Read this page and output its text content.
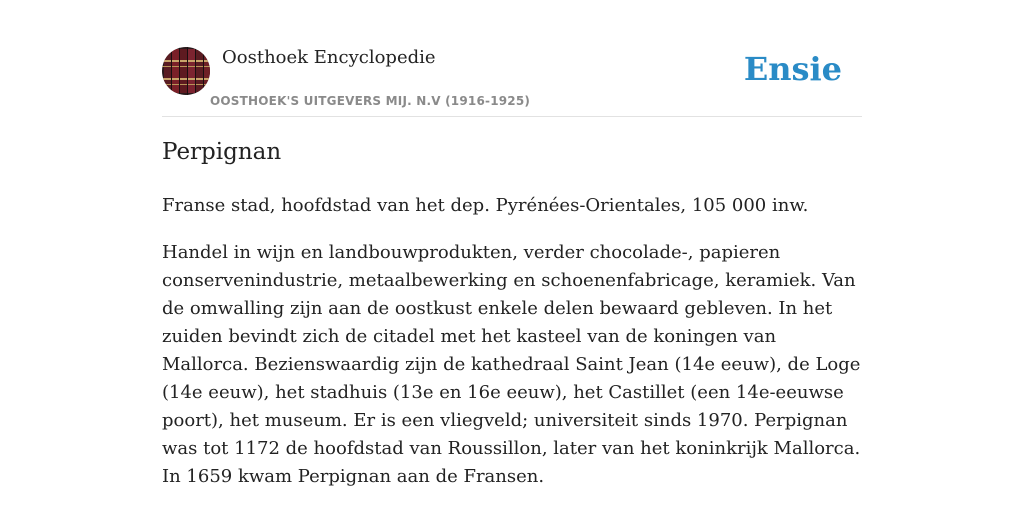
Oosthoek Encyclopedie
OOSTHOEK'S UITGEVERS MIJ. N.V (1916-1925)
Ensie
Perpignan

Franse stad, hoofdstad van het dep. Pyrénées-Orientales, 105 000 inw.

Handel in wijn en landbouwprodukten, verder chocolade-, papieren conservenindustrie, metaalbewerking en schoenenfabricage, keramiek. Van de omwalling zijn aan de oostkust enkele delen bewaard gebleven. In het zuiden bevindt zich de citadel met het kasteel van de koningen van Mallorca. Bezienswaardig zijn de kathedraal Saint Jean (14e eeuw), de Loge (14e eeuw), het stadhuis (13e en 16e eeuw), het Castillet (een 14e-eeuwse poort), het museum. Er is een vliegveld; universiteit sinds 1970. Perpignan was tot 1172 de hoofdstad van Roussillon, later van het koninkrijk Mallorca. In 1659 kwam Perpignan aan de Fransen.
